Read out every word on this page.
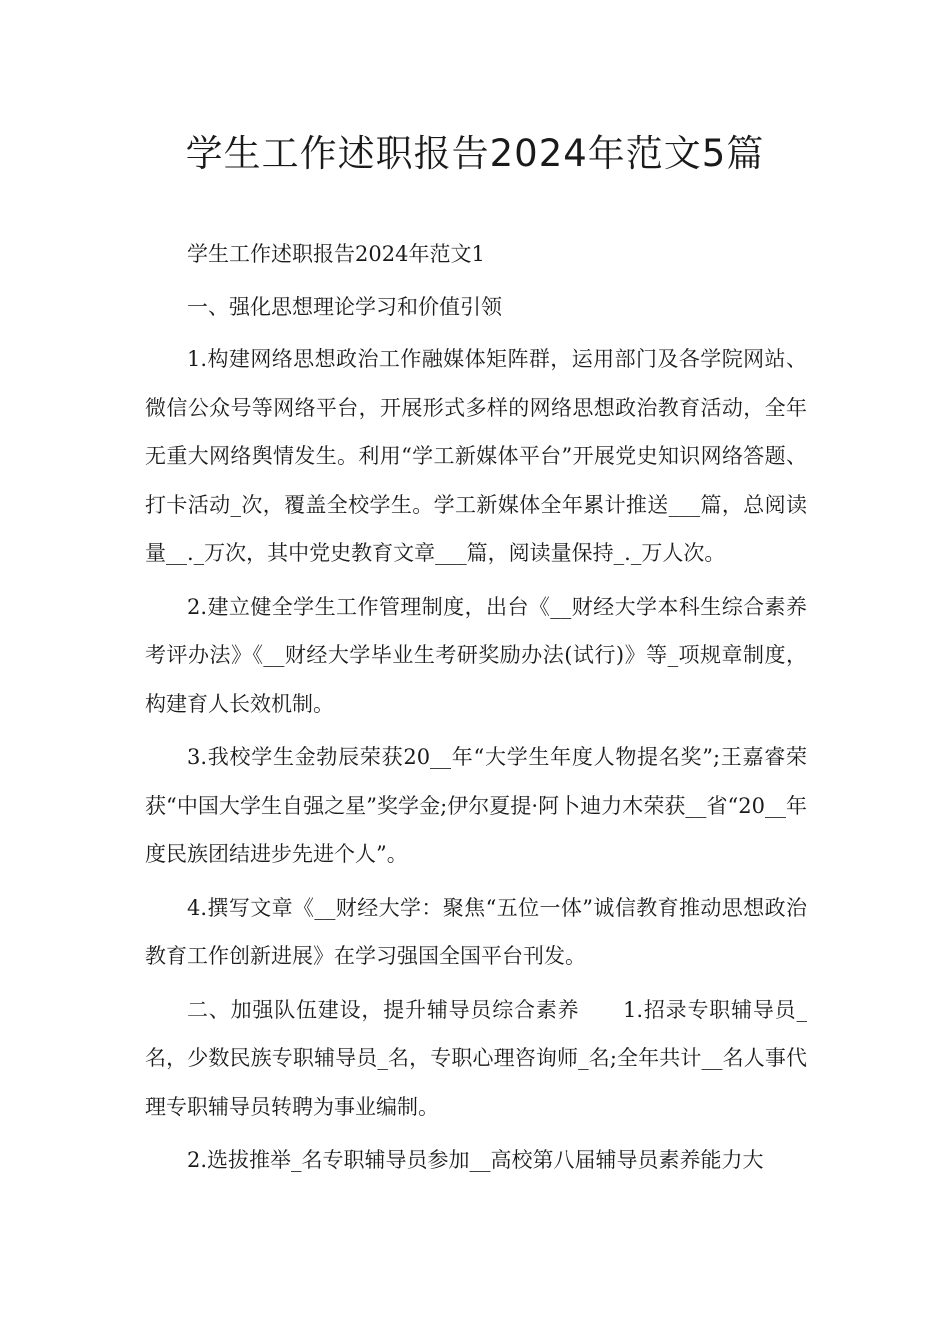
学生工作述职报告2024年范文5篇

学生工作述职报告2024年范文1

一、强化思想理论学习和价值引领

1.构建网络思想政治工作融媒体矩阵群，运用部门及各学院网站、微信公众号等网络平台，开展形式多样的网络思想政治教育活动，全年无重大网络舆情发生。利用“学工新媒体平台”开展党史知识网络答题、打卡活动_次，覆盖全校学生。学工新媒体全年累计推送___篇，总阅读量__._万次，其中党史教育文章___篇，阅读量保持_._万人次。

2.建立健全学生工作管理制度，出台《__财经大学本科生综合素养考评办法》《__财经大学毕业生考研奖励办法(试行)》等_项规章制度，构建育人长效机制。

3.我校学生金勃辰荣获20__年“大学生年度人物提名奖”;王嘉睿荣获“中国大学生自强之星”奖学金;伊尔夏提·阿卜迪力木荣获__省“20__年度民族团结进步先进个人”。

4.撰写文章《__财经大学：聚焦“五位一体”诚信教育推动思想政治教育工作创新进展》在学习强国全国平台刊发。

二、加强队伍建设，提升辅导员综合素养　　1.招录专职辅导员_名，少数民族专职辅导员_名，专职心理咨询师_名;全年共计__名人事代理专职辅导员转聘为事业编制。

2.选拔推举_名专职辅导员参加__高校第八届辅导员素养能力大
